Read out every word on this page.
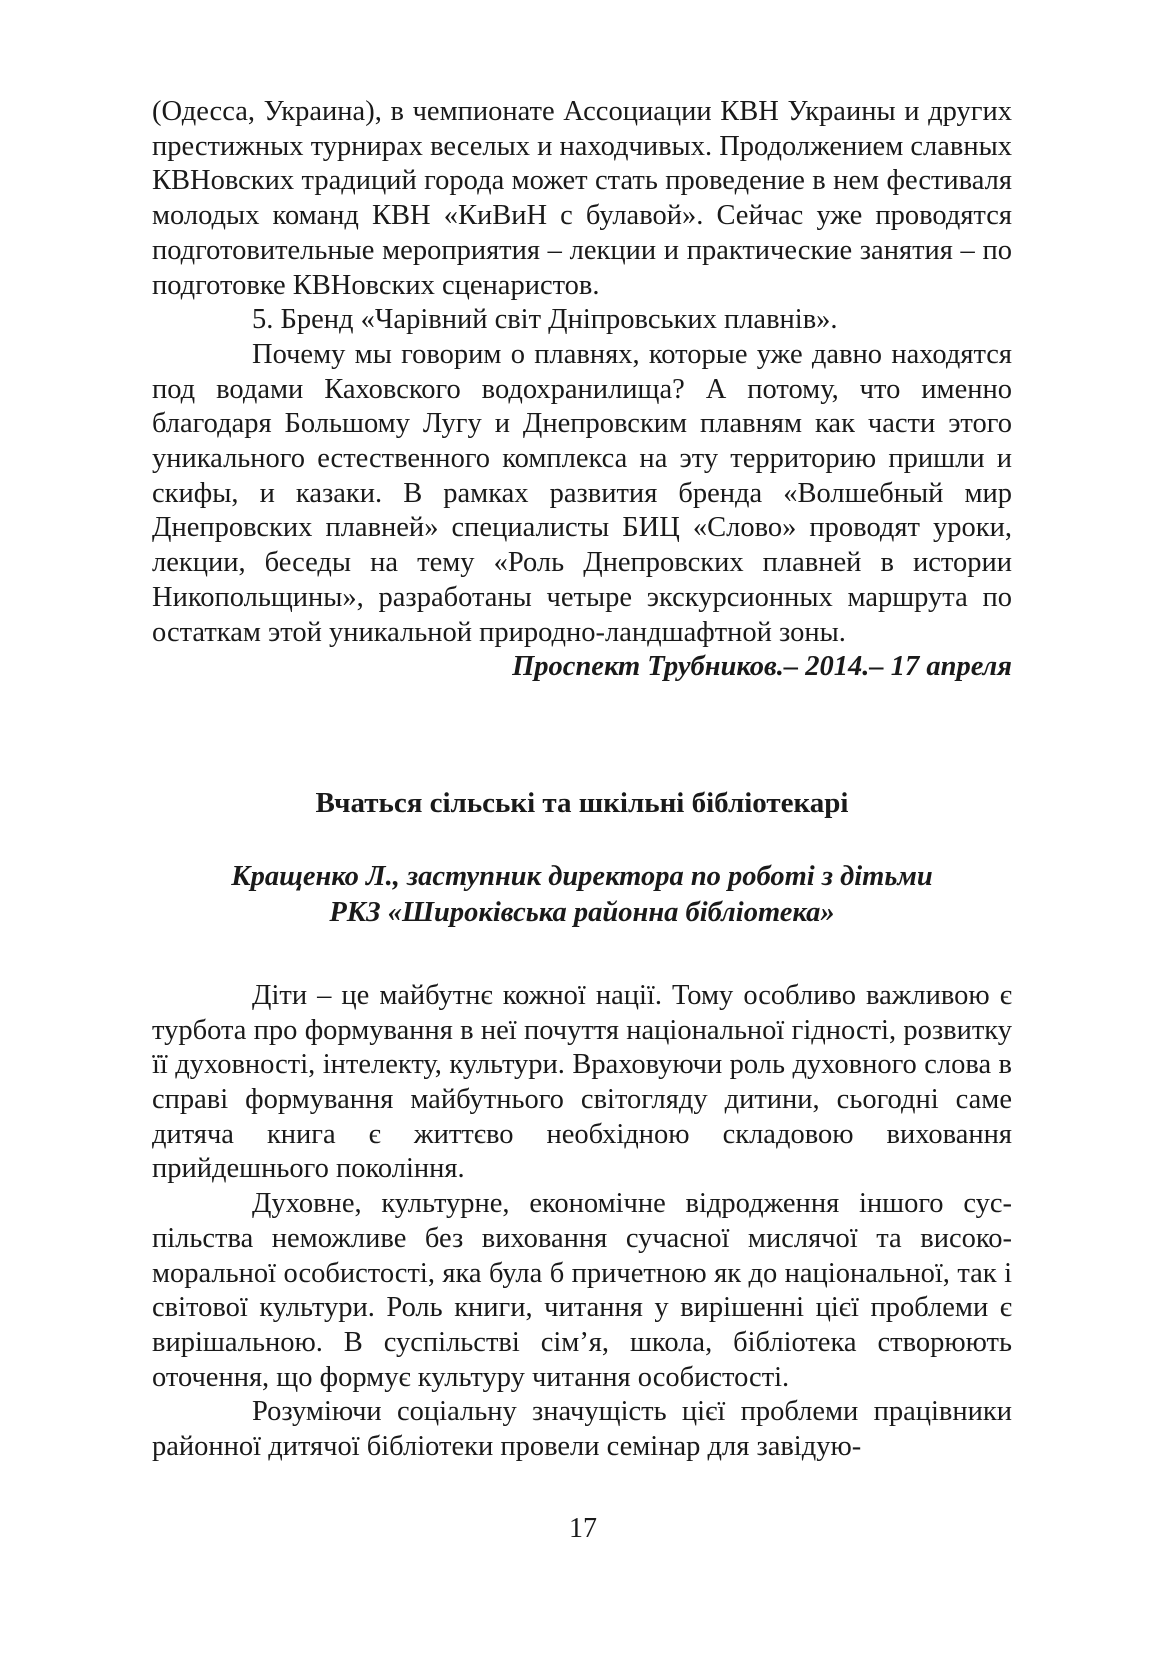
(Одесса, Украина), в чемпионате Ассоциации КВН Украины и других престижных турнирах веселых и находчивых. Продолжением славных КВНовских традиций города может стать проведение в нем фестиваля молодых команд КВН «КиВиН с булавой». Сейчас уже проводятся подготовительные мероприятия – лекции и практические занятия – по подготовке КВНовских сценаристов.

5. Бренд «Чарівний світ Дніпровських плавнів».

Почему мы говорим о плавнях, которые уже давно находятся под водами Каховского водохранилища? А потому, что именно благодаря Большому Лугу и Днепровским плавням как части этого уникального естественного комплекса на эту территорию пришли и скифы, и казаки. В рамках развития бренда «Волшебный мир Днепровских плавней» специалисты БИЦ «Слово» проводят уроки, лекции, беседы на тему «Роль Днепровских плавней в истории Никопольщины», разработаны четыре экскурсионных маршрута по остаткам этой уникальной природно-ландшафтной зоны.

Проспект Трубников.– 2014.– 17 апреля

Вчаться сільські та шкільні бібліотекарі
Кращенко Л., заступник директора по роботі з дітьми
РКЗ «Широківська районна бібліотека»

Діти – це майбутнє кожної нації. Тому особливо важливою є турбота про формування в неї почуття національної гідності, розвитку її духовності, інтелекту, культури. Враховуючи роль духовного слова в справі формування майбутнього світогляду дитини, сьогодні саме дитяча книга є життєво необхідною складовою виховання прийдешнього покоління.

Духовне, культурне, економічне відродження іншого суспільства неможливе без виховання сучасної мислячої та високоморальної особистості, яка була б причетною як до національної, так і світової культури. Роль книги, читання у вирішенні цієї проблеми є вирішальною. В суспільстві сім’я, школа, бібліотека створюють оточення, що формує культуру читання особистості.

Розуміючи соціальну значущість цієї проблеми працівники районної дитячої бібліотеки провели семінар для завідую-

17
